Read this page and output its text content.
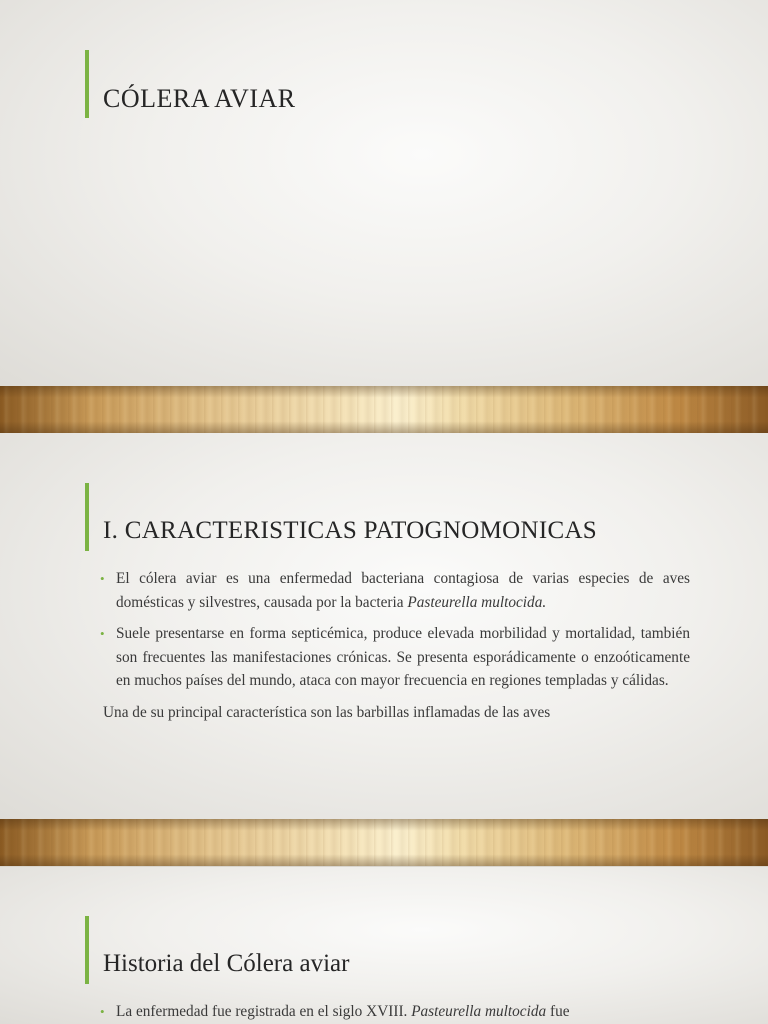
CÓLERA AVIAR
I. CARACTERISTICAS PATOGNOMONICAS

• El cólera aviar es una enfermedad bacteriana contagiosa de varias especies de aves domésticas y silvestres, causada por la bacteria Pasteurella multocida.

• Suele presentarse en forma septicémica, produce elevada morbilidad y mortalidad, también son frecuentes las manifestaciones crónicas. Se presenta esporádicamente o enzoóticamente en muchos países del mundo, ataca con mayor frecuencia en regiones templadas y cálidas.

Una de su principal característica son las barbillas inflamadas de las aves

Historia del Cólera aviar

• La enfermedad fue registrada en el siglo XVIII. Pasteurella multocida fue
